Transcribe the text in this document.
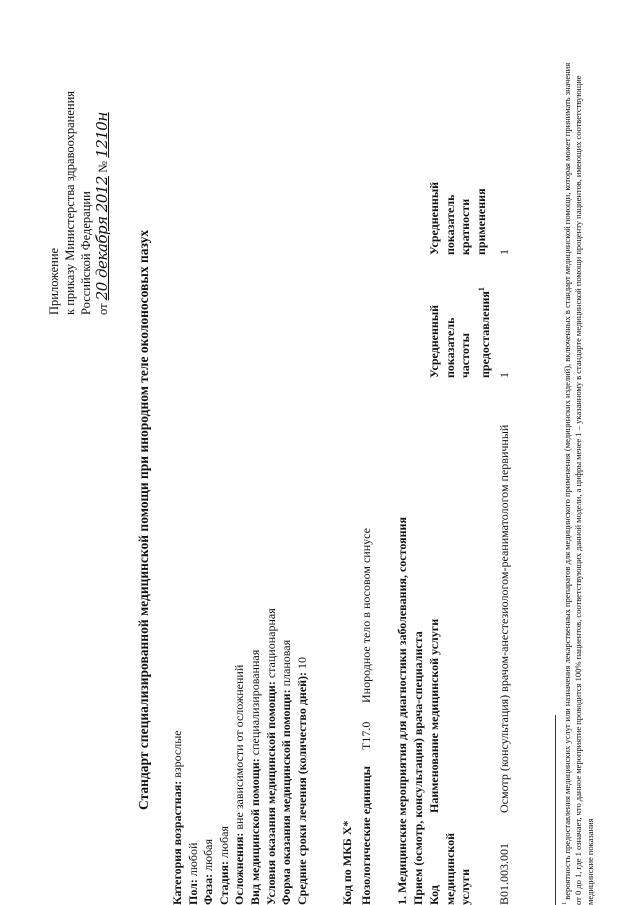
Приложение к приказу Министерства здравоохранения Российской Федерации от 20 декабря 2012 № 1210н
Стандарт специализированной медицинской помощи при инородном теле околоносовых пазух
Категория возрастная: взрослые
Пол: любой
Фаза: любая
Стадия: любая Осложнения: вне зависимости от осложнений
Вид медицинской помощи: специализированная Условия оказания медицинской помощи: стационарная
Форма оказания медицинской помощи: плановая
Средние сроки лечения (количество дней): 10
Код по МКБ X* Нозологические единицы
T17.0
Инородное тело в носовом синусе 1. Медицинские мероприятия для диагностики заболевания, состояния Прием (осмотр, консультация) врача-специалиста Код медицинской услуги
Наименование медицинской услуги
Усредненный показатель частоты предоставления$^1$
Усредненный показатель кратности применения
B01.003.001
Осмотр (консультация) врачом-анестезиологом-реаниматологом первичный
1
1
$^1$ вероятность предоставления медицинских услуг или назначения лекарственных препаратов для медицинского применения (медицинских изделий), включенных в стандарт медицинской помощи, которая может принимать значения от 0 до 1, где 1 означает, что данное мероприятие проводится 100% пациентов, соответствующих данной модели, а цифры менее 1 – указанному в стандарте медицинской помощи проценту пациентов, имеющих соответствующие медицинские показания
